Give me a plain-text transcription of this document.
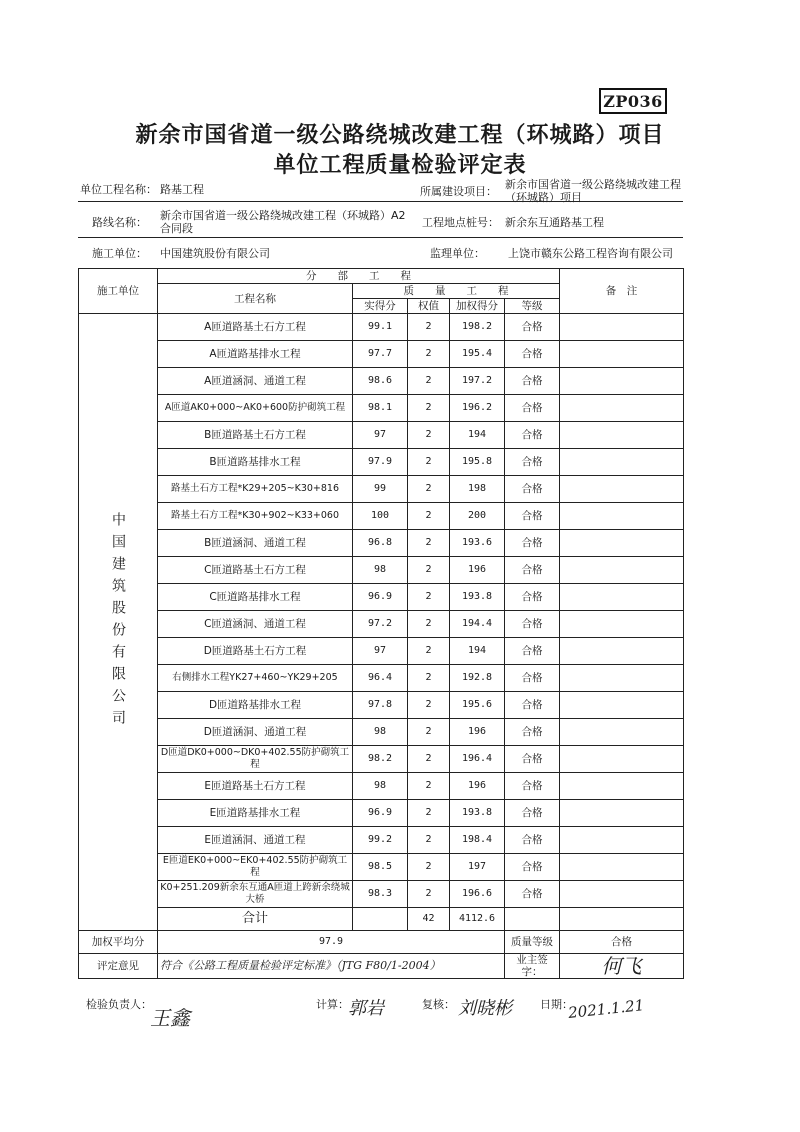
ZP036
新余市国省道一级公路绕城改建工程（环城路）项目
单位工程质量检验评定表
单位工程名称： 路基工程	所属建设项目：
新余市国省道一级公路绕城改建工程（环城路）项目
路线名称：
新余市国省道一级公路绕城改建工程（环城路）A2合同段	工程地点桩号： 新余东互通路基工程
施工单位： 中国建筑股份有限公司	监理单位： 上饶市赣东公路工程咨询有限公司
施工单位	分　　部　　工　　程					备　注
	工程名称	质　　量　　工　　程				
		实得分	权值	加权得分	等级	

中国建筑股份有限公司	A匝道路基土石方工程	99.1	2	198.2	合格	
	A匝道路基排水工程	97.7	2	195.4	合格	
	A匝道涵洞、通道工程	98.6	2	197.2	合格	
	A匝道AK0+000~AK0+600防护砌筑工程	98.1	2	196.2	合格	
	B匝道路基土石方工程	97	2	194	合格	
	B匝道路基排水工程	97.9	2	195.8	合格	
	路基土石方工程*K29+205~K30+816	99	2	198	合格	
	路基土石方工程*K30+902~K33+060	100	2	200	合格	
	B匝道涵洞、通道工程	96.8	2	193.6	合格	
	C匝道路基土石方工程	98	2	196	合格	
	C匝道路基排水工程	96.9	2	193.8	合格	
	C匝道涵洞、通道工程	97.2	2	194.4	合格	
	D匝道路基土石方工程	97	2	194	合格	
	右侧排水工程YK27+460~YK29+205	96.4	2	192.8	合格	
	D匝道路基排水工程	97.8	2	195.6	合格	
	D匝道涵洞、通道工程	98	2	196	合格	
	D匝道DK0+000~DK0+402.55防护砌筑工程	98.2	2	196.4	合格	
	E匝道路基土石方工程	98	2	196	合格	
	E匝道路基排水工程	96.9	2	193.8	合格	
	E匝道涵洞、通道工程	99.2	2	198.4	合格	
	E匝道EK0+000~EK0+402.55防护砌筑工程	98.5	2	197	合格	
	K0+251.209新余东互通A匝道上跨新余绕城大桥	98.3	2	196.6	合格	
	合计		42	4112.6		
加权平均分	97.9				质量等级	合格
评定意见	符合《公路工程质量检验评定标准》（JTG F80/1-2004）				业主签字：	何飞
检验负责人：
王鑫
计算： 郭岩	复核： 刘晓彬	日期：
2021.1.21
